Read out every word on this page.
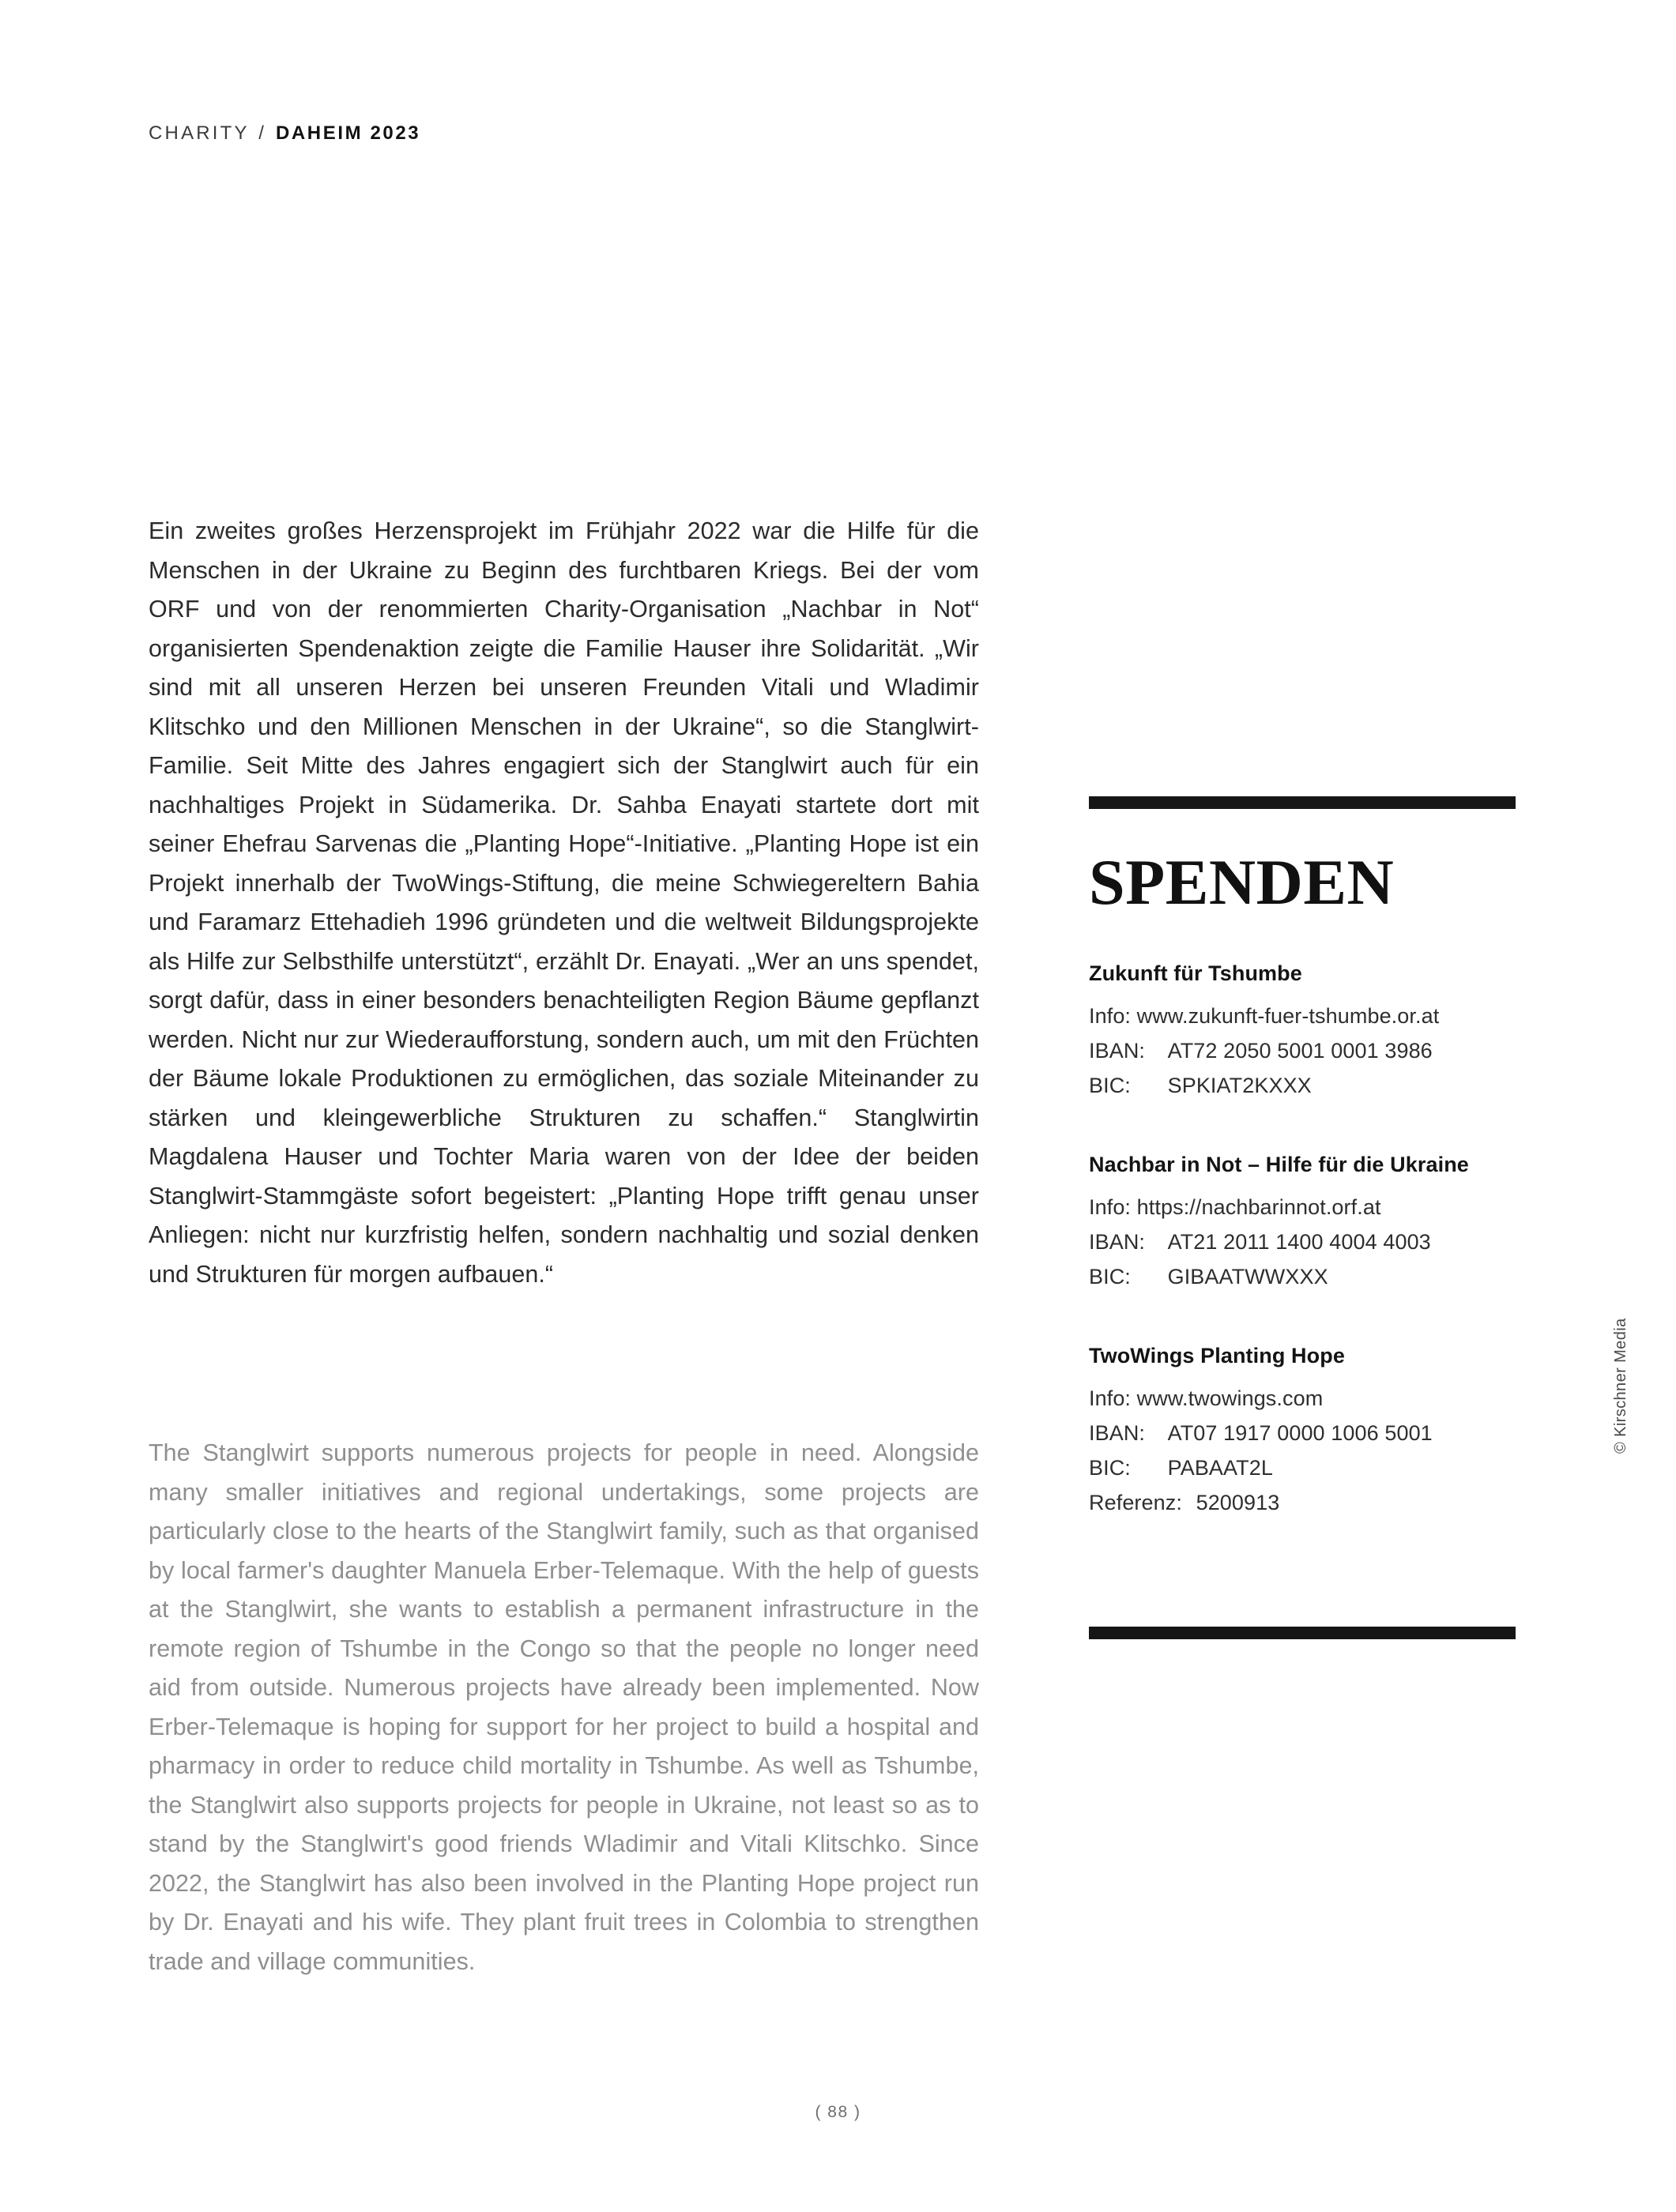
CHARITY / DAHEIM 2023

Ein zweites großes Herzensprojekt im Frühjahr 2022 war die Hilfe für die Menschen in der Ukraine zu Beginn des furchtbaren Kriegs. Bei der vom ORF und von der renommierten Charity-Organisation „Nachbar in Not“ organisierten Spendenaktion zeigte die Familie Hauser ihre Solidarität. „Wir sind mit all unseren Herzen bei unseren Freunden Vitali und Wladimir Klitschko und den Millionen Menschen in der Ukraine“, so die Stanglwirt-Familie. Seit Mitte des Jahres engagiert sich der Stanglwirt auch für ein nachhaltiges Projekt in Südamerika. Dr. Sahba Enayati startete dort mit seiner Ehefrau Sarvenas die „Planting Hope“-Initiative. „Planting Hope ist ein Projekt innerhalb der TwoWings-Stiftung, die meine Schwiegereltern Bahia und Faramarz Ettehadieh 1996 gründeten und die weltweit Bildungsprojekte als Hilfe zur Selbsthilfe unterstützt“, erzählt Dr. Enayati. „Wer an uns spendet, sorgt dafür, dass in einer besonders benachteiligten Region Bäume gepflanzt werden. Nicht nur zur Wiederaufforstung, sondern auch, um mit den Früchten der Bäume lokale Produktionen zu ermöglichen, das soziale Miteinander zu stärken und kleingewerbliche Strukturen zu schaffen.“ Stanglwirtin Magdalena Hauser und Tochter Maria waren von der Idee der beiden Stanglwirt-Stammgäste sofort begeistert: „Planting Hope trifft genau unser Anliegen: nicht nur kurzfristig helfen, sondern nachhaltig und sozial denken und Strukturen für morgen aufbauen.“

The Stanglwirt supports numerous projects for people in need. Alongside many smaller initiatives and regional undertakings, some projects are particularly close to the hearts of the Stanglwirt family, such as that organised by local farmer's daughter Manuela Erber-Telemaque. With the help of guests at the Stanglwirt, she wants to establish a permanent infrastructure in the remote region of Tshumbe in the Congo so that the people no longer need aid from outside. Numerous projects have already been implemented. Now Erber-Telemaque is hoping for support for her project to build a hospital and pharmacy in order to reduce child mortality in Tshumbe. As well as Tshumbe, the Stanglwirt also supports projects for people in Ukraine, not least so as to stand by the Stanglwirt's good friends Wladimir and Vitali Klitschko. Since 2022, the Stanglwirt has also been involved in the Planting Hope project run by Dr. Enayati and his wife. They plant fruit trees in Colombia to strengthen trade and village communities.

SPENDEN
Zukunft für Tshumbe
Info: www.zukunft-fuer-tshumbe.or.at
IBAN: AT72 2050 5001 0001 3986
BIC: SPKIAT2KXXX
Nachbar in Not – Hilfe für die Ukraine
Info: https://nachbarinnot.orf.at
IBAN: AT21 2011 1400 4004 4003
BIC: GIBAATWWXXX
TwoWings Planting Hope
Info: www.twowings.com
IBAN: AT07 1917 0000 1006 5001
BIC: PABAAT2L
Referenz: 5200913
© Kirschner Media
( 88 )
